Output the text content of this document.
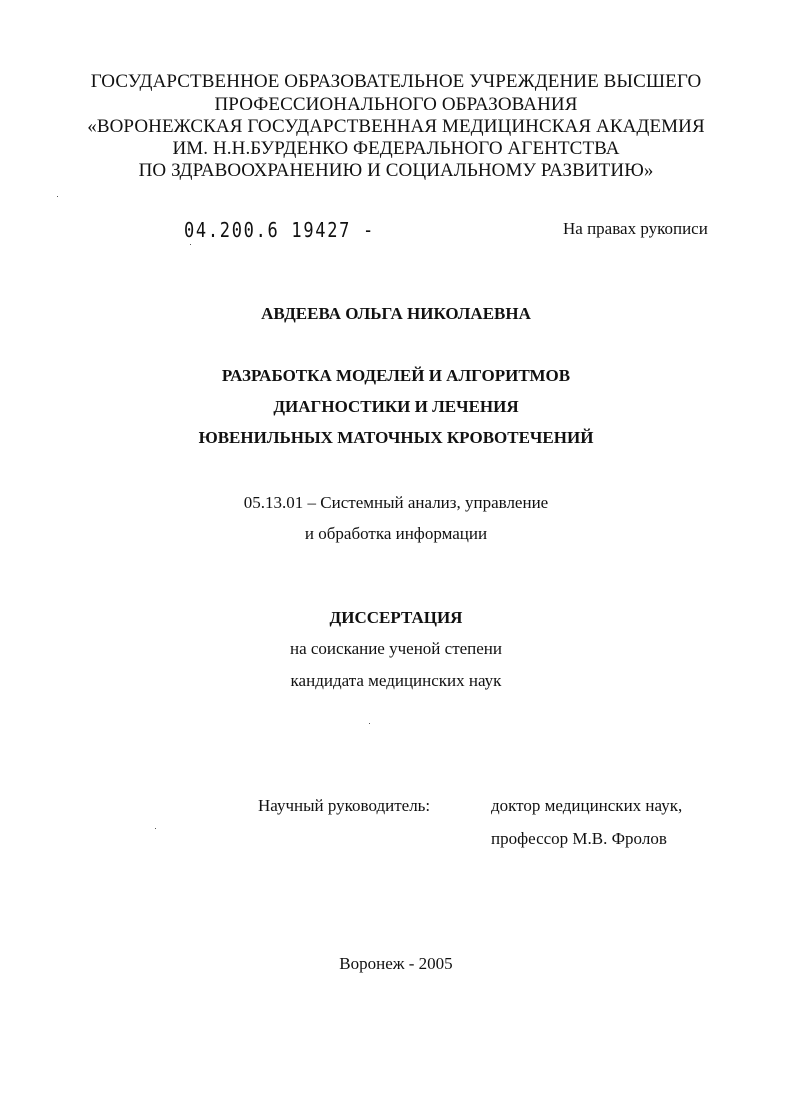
ГОСУДАРСТВЕННОЕ ОБРАЗОВАТЕЛЬНОЕ УЧРЕЖДЕНИЕ ВЫСШЕГО
ПРОФЕССИОНАЛЬНОГО ОБРАЗОВАНИЯ
«ВОРОНЕЖСКАЯ ГОСУДАРСТВЕННАЯ МЕДИЦИНСКАЯ АКАДЕМИЯ
ИМ. Н.Н.БУРДЕНКО ФЕДЕРАЛЬНОГО АГЕНТСТВА
ПО ЗДРАВООХРАНЕНИЮ И СОЦИАЛЬНОМУ РАЗВИТИЮ»
04.200.6 19427 -	На правах рукописи
АВДЕЕВА ОЛЬГА НИКОЛАЕВНА
РАЗРАБОТКА МОДЕЛЕЙ И АЛГОРИТМОВ
ДИАГНОСТИКИ И ЛЕЧЕНИЯ
ЮВЕНИЛЬНЫХ МАТОЧНЫХ КРОВОТЕЧЕНИЙ
05.13.01 – Системный анализ, управление
и обработка информации
ДИССЕРТАЦИЯ
на соискание ученой степени
кандидата медицинских наук
Научный руководитель:	доктор медицинских наук,
профессор М.В. Фролов
Воронеж - 2005
